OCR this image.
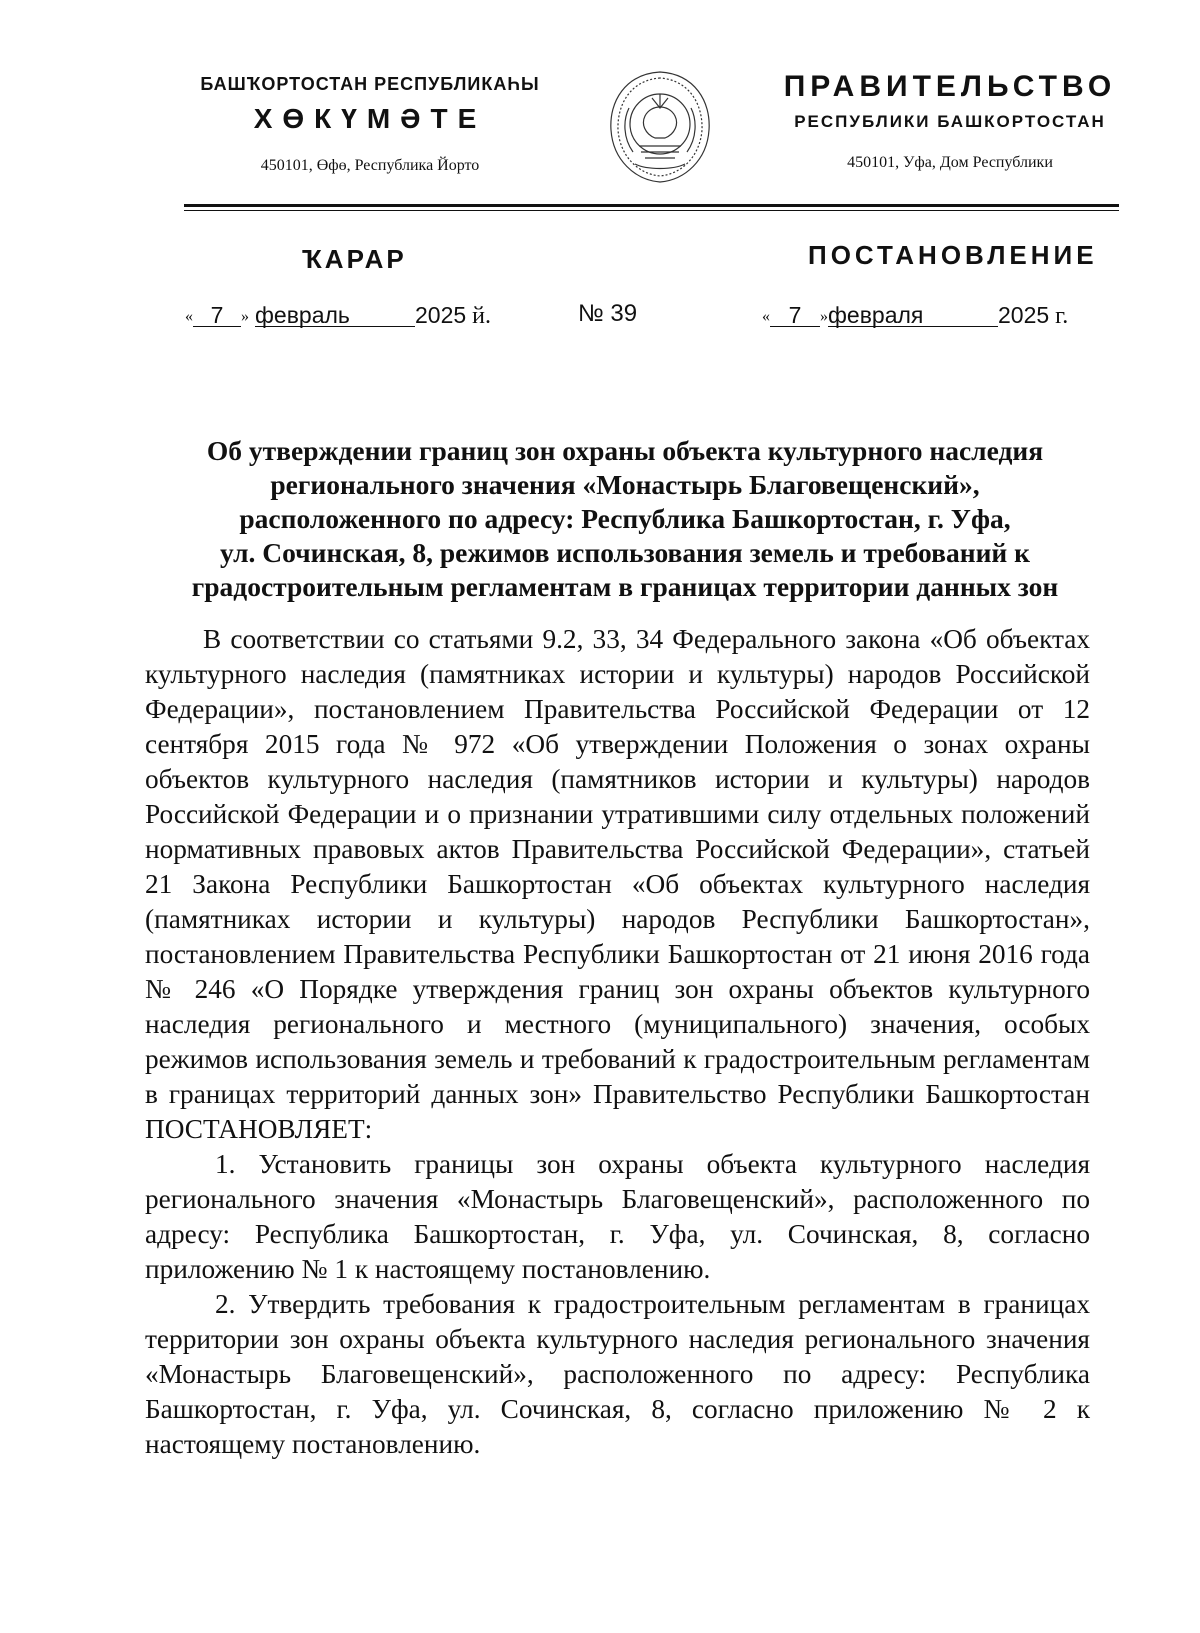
БАШҠОРТОСТАН РЕСПУБЛИКАҺЫ
ХӨКҮМӘТЕ
450101, Өфө, Республика Йорто
ПРАВИТЕЛЬСТВО
РЕСПУБЛИКИ БАШКОРТОСТАН
450101, Уфа, Дом Республики
ҠАРАР	ПОСТАНОВЛЕНИЕ
« 7 » февраль	2025 й.	№ 39	« 7 »февраля	2025 г.
Об утверждении границ зон охраны объекта культурного наследия
регионального значения «Монастырь Благовещенский»,
расположенного по адресу: Республика Башкортостан, г. Уфа,
ул. Сочинская, 8, режимов использования земель и требований к
градостроительным регламентам в границах территории данных зон

В соответствии со статьями 9.2, 33, 34 Федерального закона «Об объектах культурного наследия (памятниках истории и культуры) народов Российской Федерации», постановлением Правительства Российской Федерации от 12 сентября 2015 года № 972 «Об утверждении Положения о зонах охраны объектов культурного наследия (памятников истории и культуры) народов Российской Федерации и о признании утратившими силу отдельных положений нормативных правовых актов Правительства Российской Федерации», статьей 21 Закона Республики Башкортостан «Об объектах культурного наследия (памятниках истории и культуры) народов Республики Башкортостан», постановлением Правительства Республики Башкортостан от 21 июня 2016 года № 246 «О Порядке утверждения границ зон охраны объектов культурного наследия регионального и местного (муниципального) значения, особых режимов использования земель и требований к градостроительным регламентам в границах территорий данных зон» Правительство Республики Башкортостан ПОСТАНОВЛЯЕТ:

1. Установить границы зон охраны объекта культурного наследия регионального значения «Монастырь Благовещенский», расположенного по адресу: Республика Башкортостан, г. Уфа, ул. Сочинская, 8, согласно приложению № 1 к настоящему постановлению.

2. Утвердить требования к градостроительным регламентам в границах территории зон охраны объекта культурного наследия регионального значения «Монастырь Благовещенский», расположенного по адресу: Республика Башкортостан, г. Уфа, ул. Сочинская, 8, согласно приложению № 2 к настоящему постановлению.
